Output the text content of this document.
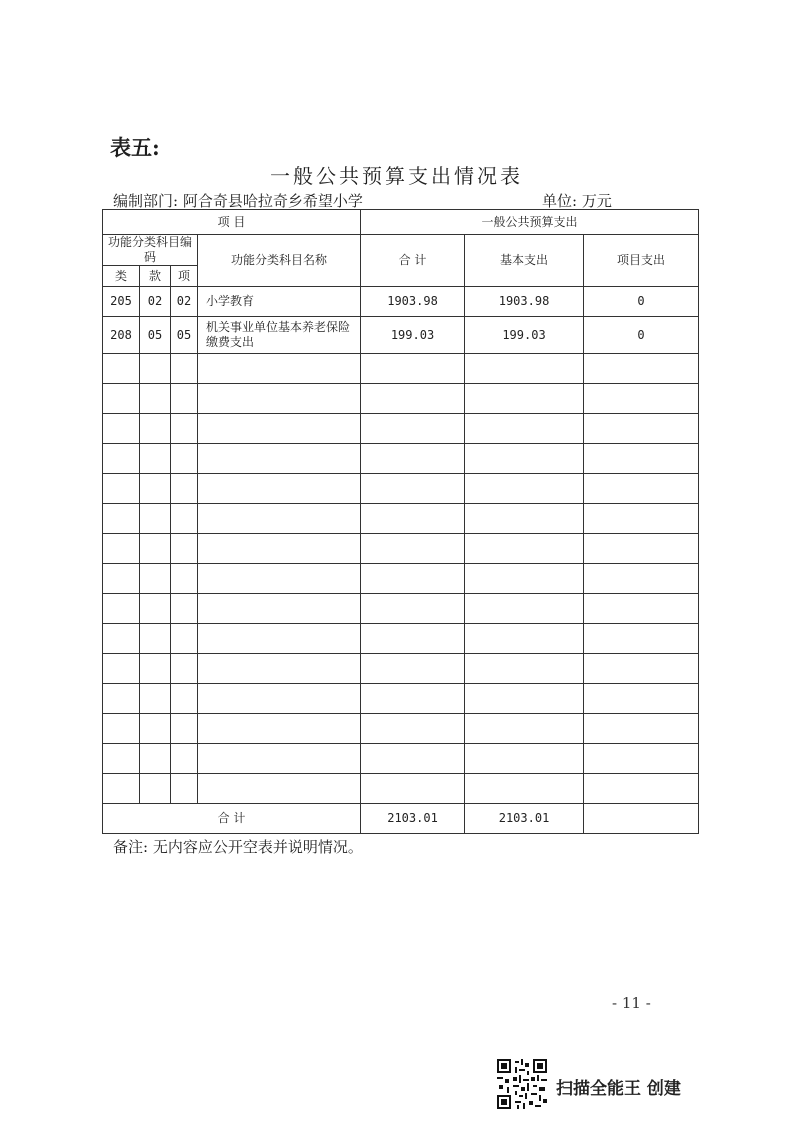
表五:
一般公共预算支出情况表
编制部门: 阿合奇县哈拉奇乡希望小学	单位: 万元
项 目				一般公共预算支出		
功能分类科目编码			功能分类科目名称	合 计	基本支出	项目支出
类	款	项				
205	02	02	小学教育	1903.98	1903.98	0
208	05	05	机关事业单位基本养老保险缴费支出	199.03	199.03	0

合 计				2103.01	2103.01	
备注: 无内容应公开空表并说明情况。
- 11 -
扫描全能王 创建
